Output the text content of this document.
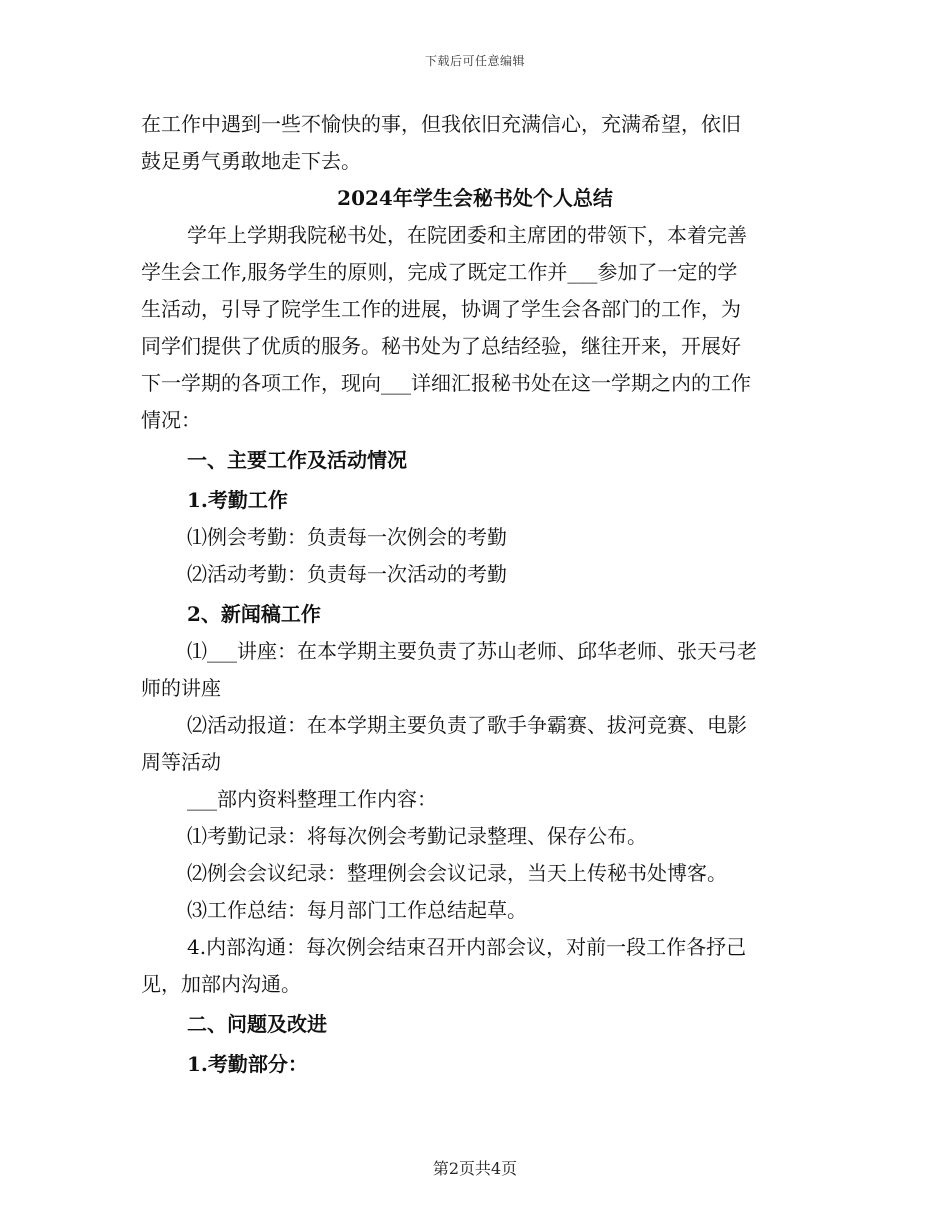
下载后可任意编辑
在工作中遇到一些不愉快的事，但我依旧充满信心，充满希望，依旧
鼓足勇气勇敢地走下去。
2024年学生会秘书处个人总结
学年上学期我院秘书处，在院团委和主席团的带领下，本着完善
学生会工作,服务学生的原则，完成了既定工作并___参加了一定的学
生活动，引导了院学生工作的进展，协调了学生会各部门的工作，为
同学们提供了优质的服务。秘书处为了总结经验，继往开来，开展好
下一学期的各项工作，现向___详细汇报秘书处在这一学期之内的工作
情况：
一、主要工作及活动情况
1.考勤工作
⑴例会考勤：负责每一次例会的考勤
⑵活动考勤：负责每一次活动的考勤
2、新闻稿工作
⑴___讲座：在本学期主要负责了苏山老师、邱华老师、张天弓老
师的讲座
⑵活动报道：在本学期主要负责了歌手争霸赛、拔河竞赛、电影
周等活动
___部内资料整理工作内容：
⑴考勤记录：将每次例会考勤记录整理、保存公布。
⑵例会会议纪录：整理例会会议记录，当天上传秘书处博客。
⑶工作总结：每月部门工作总结起草。
4.内部沟通：每次例会结束召开内部会议，对前一段工作各抒己
见，加部内沟通。
二、问题及改进
1.考勤部分：
第2页共4页
